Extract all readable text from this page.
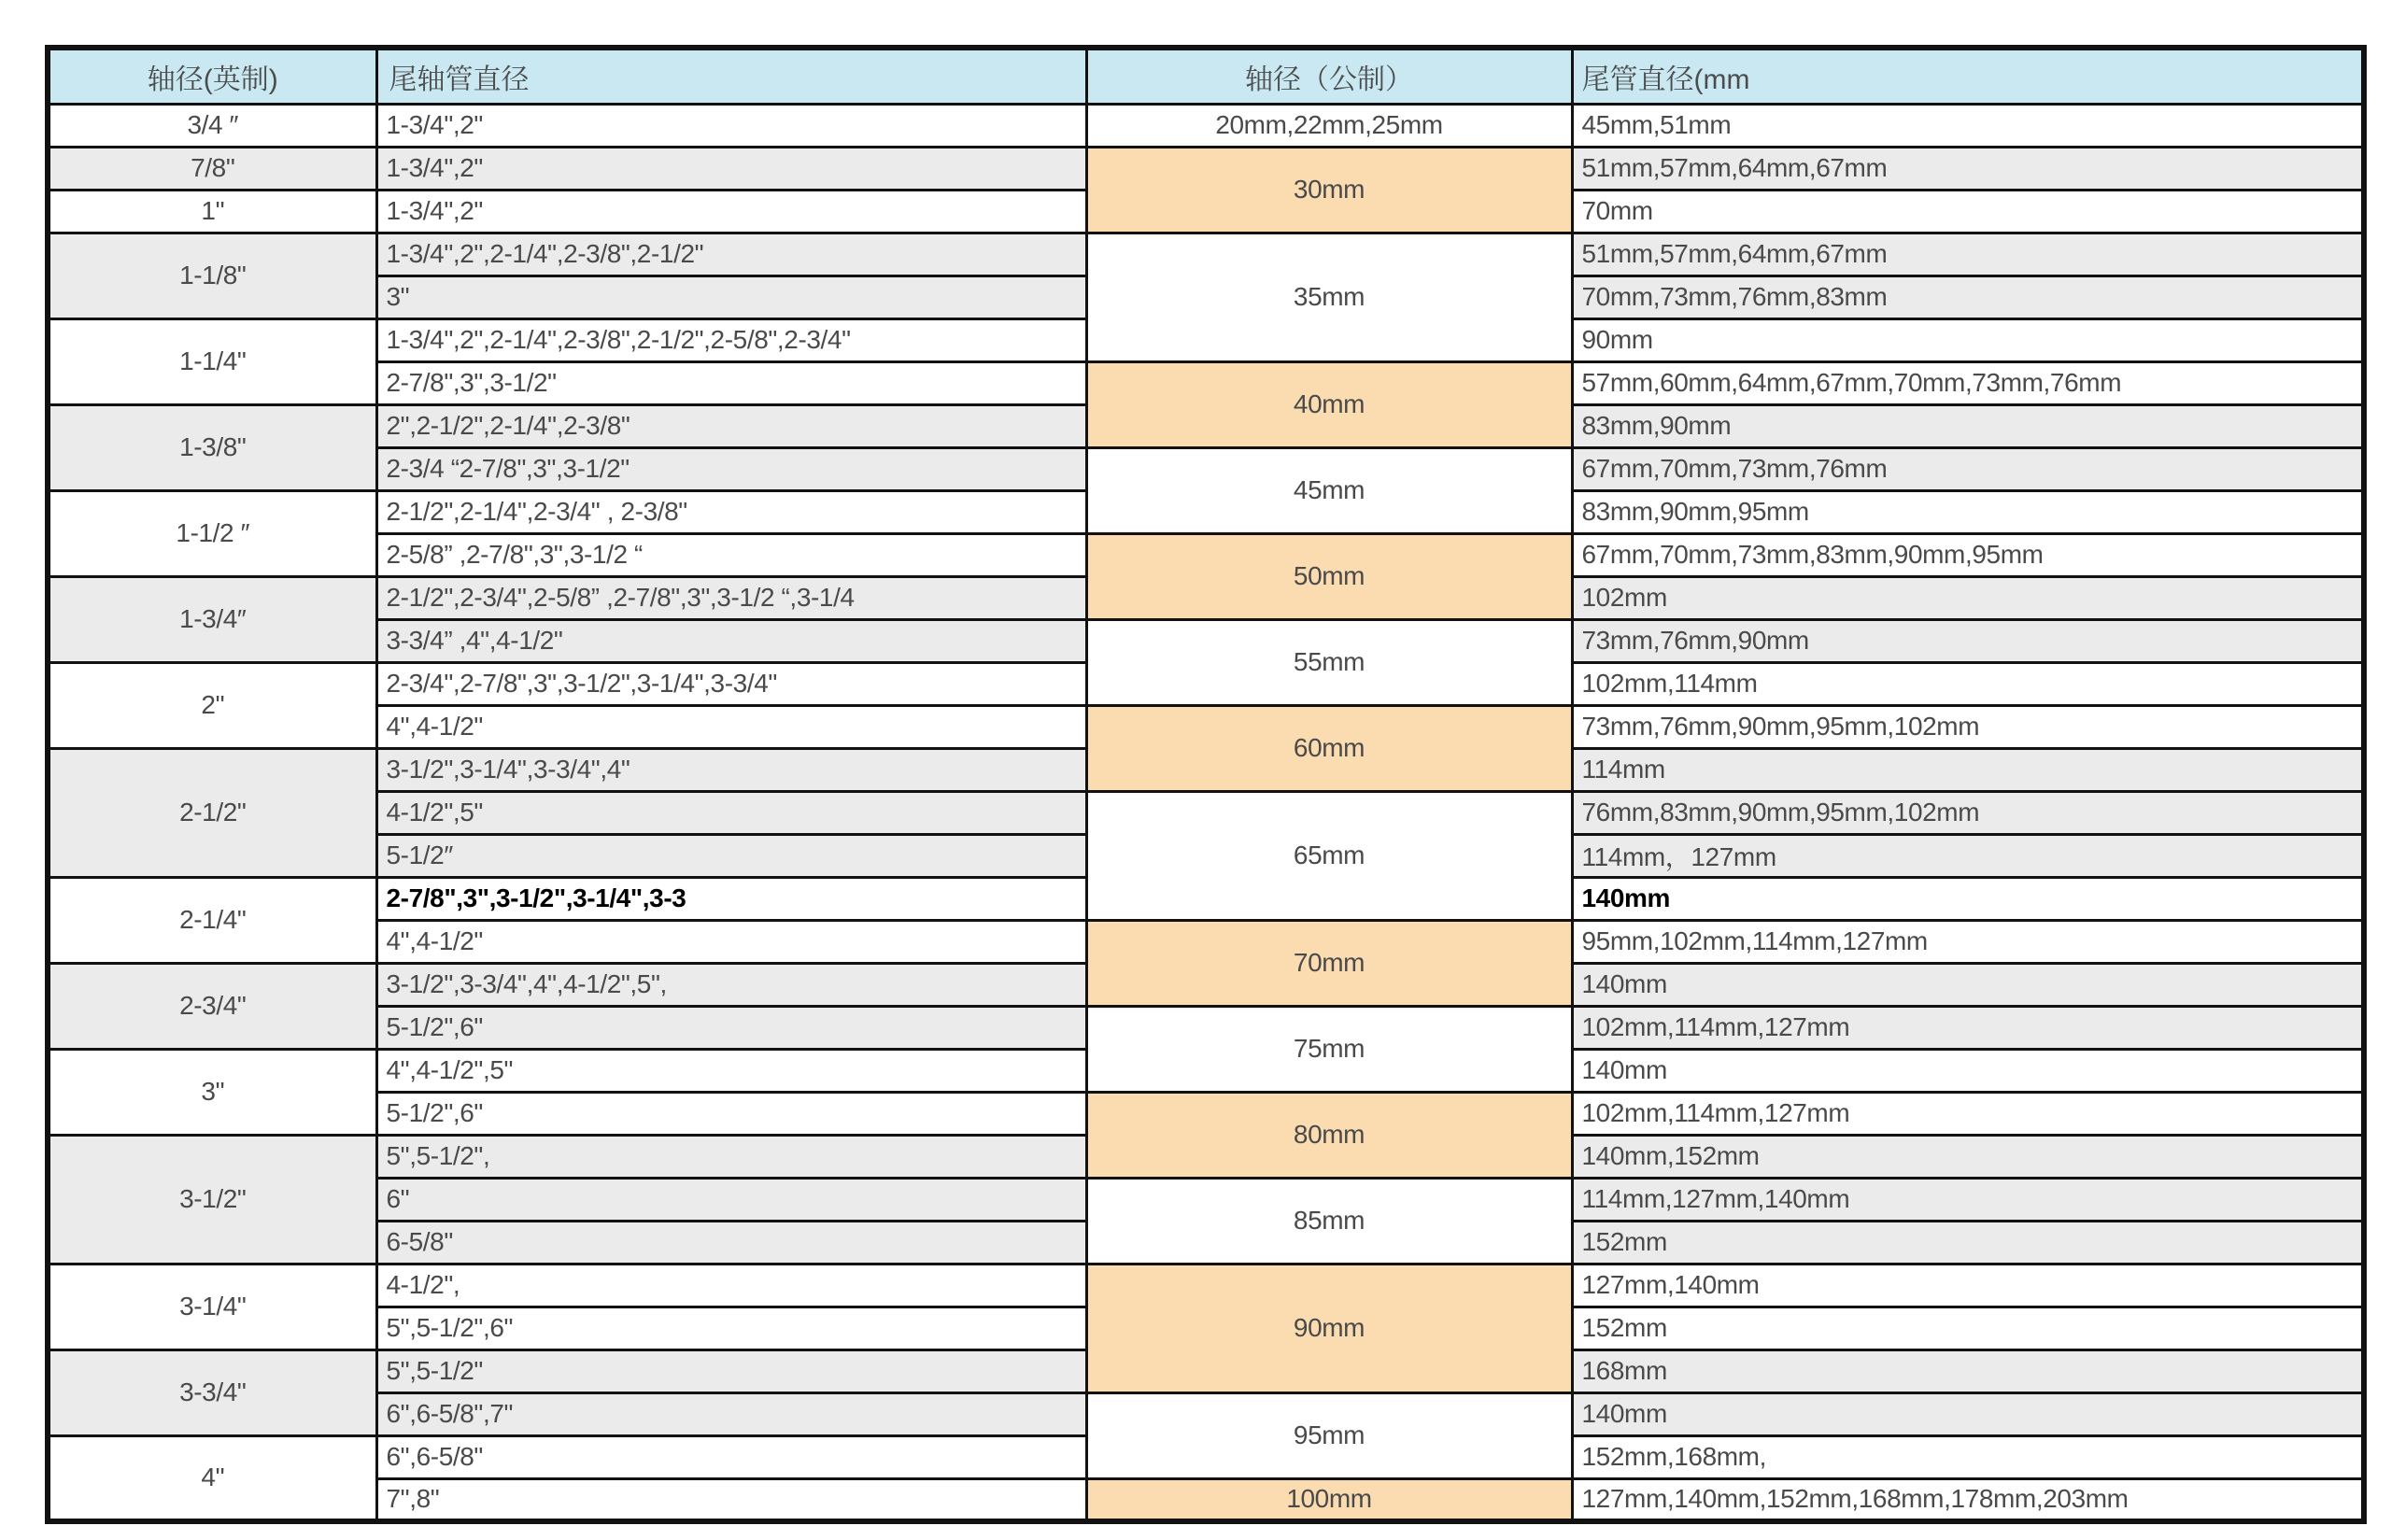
轴径(英制)	尾轴管直径	轴径（公制）	尾管直径(mm
3/4 ″	1-3/4",2"	20mm,22mm,25mm	45mm,51mm
7/8"	1-3/4",2"	30mm	51mm,57mm,64mm,67mm
1"	1-3/4",2"		70mm
1-1/8"	1-3/4",2",2-1/4",2-3/8",2-1/2"	35mm	51mm,57mm,64mm,67mm
	3"		70mm,73mm,76mm,83mm
1-1/4"	1-3/4",2",2-1/4",2-3/8",2-1/2",2-5/8",2-3/4"		90mm
	2-7/8",3",3-1/2"	40mm	57mm,60mm,64mm,67mm,70mm,73mm,76mm
1-3/8"	2",2-1/2",2-1/4",2-3/8"		83mm,90mm
	2-3/4 “2-7/8",3",3-1/2"	45mm	67mm,70mm,73mm,76mm
1-1/2 ″	2-1/2",2-1/4",2-3/4" , 2-3/8"		83mm,90mm,95mm
	2-5/8” ,2-7/8",3",3-1/2 “	50mm	67mm,70mm,73mm,83mm,90mm,95mm
1-3/4″	2-1/2",2-3/4",2-5/8” ,2-7/8",3",3-1/2 “,3-1/4		102mm
	3-3/4” ,4",4-1/2"	55mm	73mm,76mm,90mm
2"	2-3/4",2-7/8",3",3-1/2",3-1/4",3-3/4"		102mm,114mm
	4",4-1/2"	60mm	73mm,76mm,90mm,95mm,102mm
2-1/2"	3-1/2",3-1/4",3-3/4",4"		114mm
	4-1/2",5"	65mm	76mm,83mm,90mm,95mm,102mm
	5-1/2″		114mm，127mm
2-1/4"	2-7/8",3",3-1/2",3-1/4",3-3		140mm
	4",4-1/2"	70mm	95mm,102mm,114mm,127mm
2-3/4"	3-1/2",3-3/4",4",4-1/2",5",		140mm
	5-1/2",6"	75mm	102mm,114mm,127mm
3"	4",4-1/2",5"		140mm
	5-1/2",6"	80mm	102mm,114mm,127mm
3-1/2"	5",5-1/2",		140mm,152mm
	6"	85mm	114mm,127mm,140mm
	6-5/8"		152mm
3-1/4"	4-1/2",	90mm	127mm,140mm
	5",5-1/2",6"		152mm
3-3/4"	5",5-1/2"		168mm
	6",6-5/8",7"	95mm	140mm
4"	6",6-5/8"		152mm,168mm,
	7",8"	100mm	127mm,140mm,152mm,168mm,178mm,203mm
